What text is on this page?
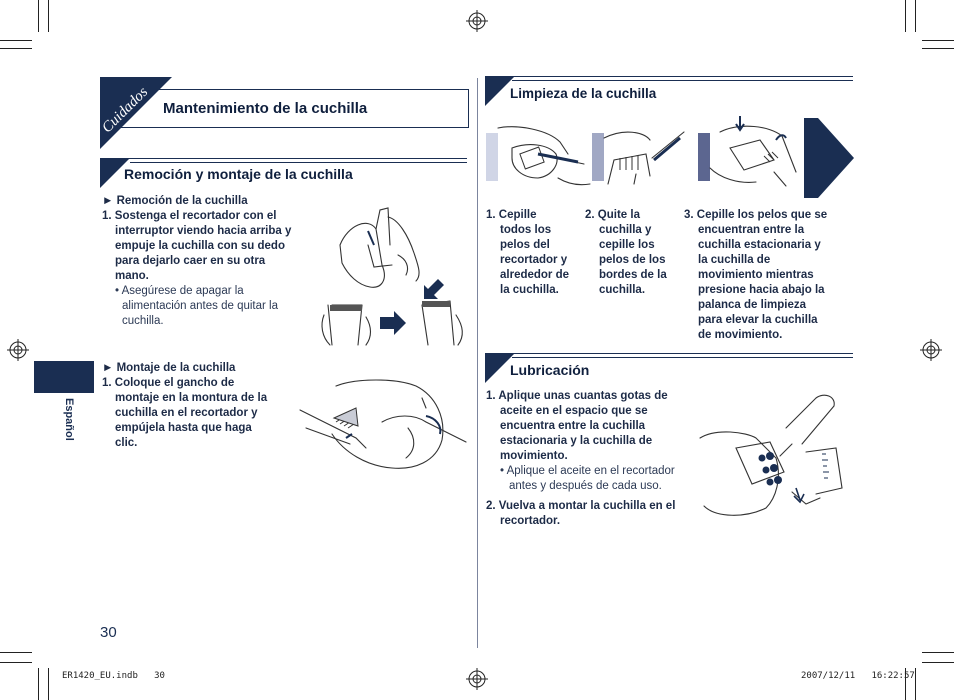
Cuidados Mantenimiento de la cuchilla
Remoción y montaje de la cuchilla
► Remoción de la cuchilla
1. Sostenga el recortador con el
interruptor viendo hacia arriba y
empuje la cuchilla con su dedo
para dejarlo caer en su otra
mano.
• Asegúrese de apagar la
alimentación antes de quitar la
cuchilla.
► Montaje de la cuchilla
1. Coloque el gancho de
montaje en la montura de la
cuchilla en el recortador y
empújela hasta que haga
clic.
Limpieza de la cuchilla
1. Cepille
todos los
pelos del
recortador y
alrededor de
la cuchilla.
2. Quite la
cuchilla y
cepille los
pelos de los
bordes de la
cuchilla.
3. Cepille los pelos que se
encuentran entre la
cuchilla estacionaria y
la cuchilla de
movimiento mientras
presione hacia abajo la
palanca de limpieza
para elevar la cuchilla
de movimiento.
Lubricación
1. Aplique unas cuantas gotas de
aceite en el espacio que se
encuentra entre la cuchilla
estacionaria y la cuchilla de
movimiento.
• Aplique el aceite en el recortador
antes y después de cada uso.
2. Vuelva a montar la cuchilla en el
recortador.
Español
30
ER1420_EU.indb   30	2007/12/11   16:22:57
